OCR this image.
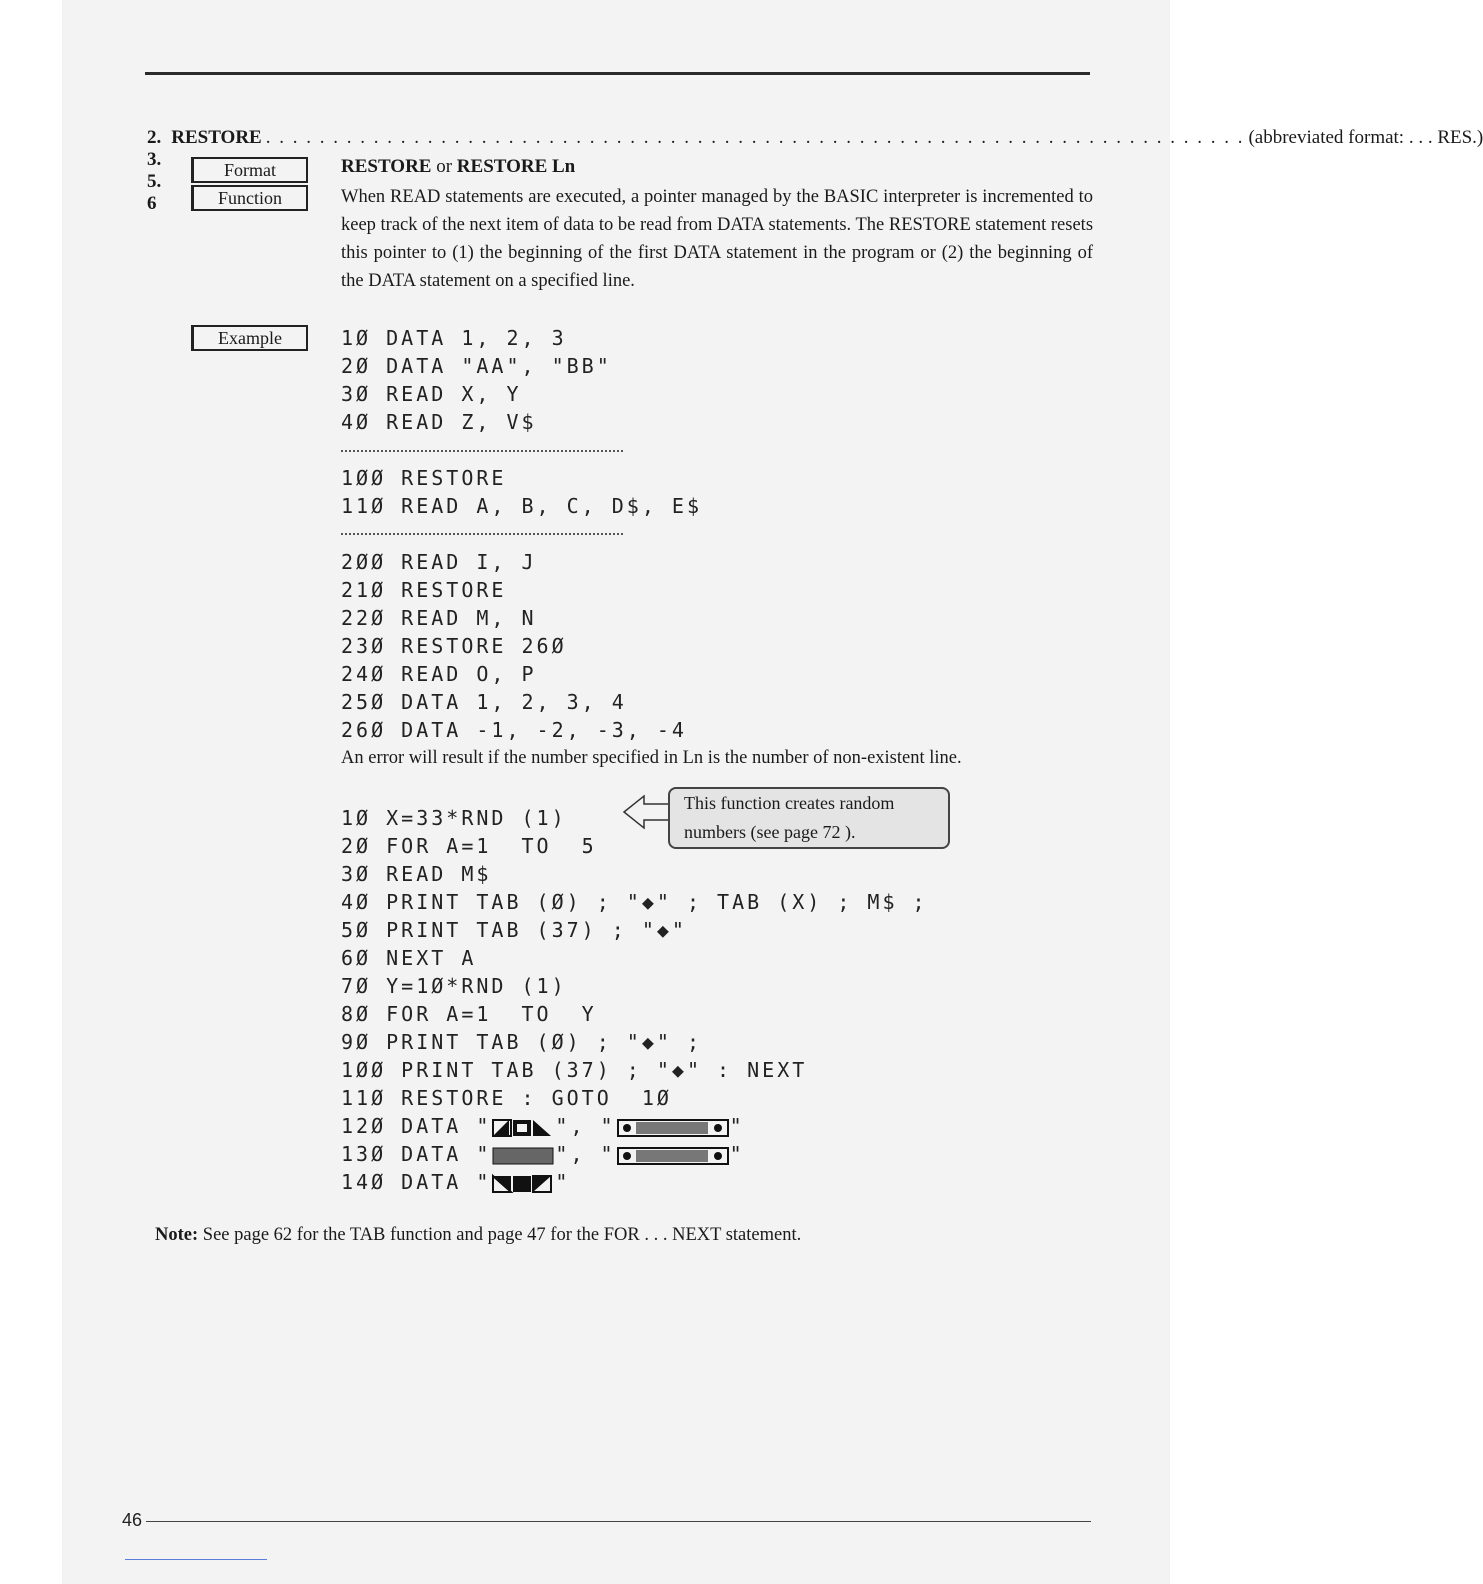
2. 3. 5. 6
RESTORE . . . . . . . . . . . . . . . . . . . . . . . . . . . . . . . . . . . . . . . . . . . . . . . . . . . . . . . . . . . . . . . . . . . . . . . . . (abbreviated format: . . . RES.)
Format	RESTORE or RESTORE Ln
Function	When READ statements are executed, a pointer managed by the BASIC interpreter is incremented to keep track of the next item of data to be read from DATA statements. The RESTORE statement resets this pointer to (1) the beginning of the first DATA statement in the program or (2) the beginning of the DATA statement on a specified line.
Example	1Ø DATA 1, 2, 3
2Ø DATA "AA", "BB"
3Ø READ X, Y
4Ø READ Z, V$
1ØØ RESTORE
11Ø READ A, B, C, D$, E$
2ØØ READ I, J
21Ø RESTORE
22Ø READ M, N
23Ø RESTORE 26Ø
24Ø READ O, P
25Ø DATA 1, 2, 3, 4
26Ø DATA -1, -2, -3, -4
An error will result if the number specified in Ln is the number of non-existent line.
1Ø X=33*RND (1)
2Ø FOR A=1  TO  5
3Ø READ M$
4Ø PRINT TAB (Ø) ; "◆" ; TAB (X) ; M$ ;
5Ø PRINT TAB (37) ; "◆"
6Ø NEXT A
7Ø Y=1Ø*RND (1)
8Ø FOR A=1  TO  Y
9Ø PRINT TAB (Ø) ; "◆" ;
1ØØ PRINT TAB (37) ; "◆" : NEXT
11Ø RESTORE : GOTO  1Ø
12Ø DATA "	", "	"
13Ø DATA "	", "	"
14Ø DATA "	"
This function creates random
numbers (see page 72 ).
Note: See page 62 for the TAB function and page 47 for the FOR . . . NEXT statement.
46
